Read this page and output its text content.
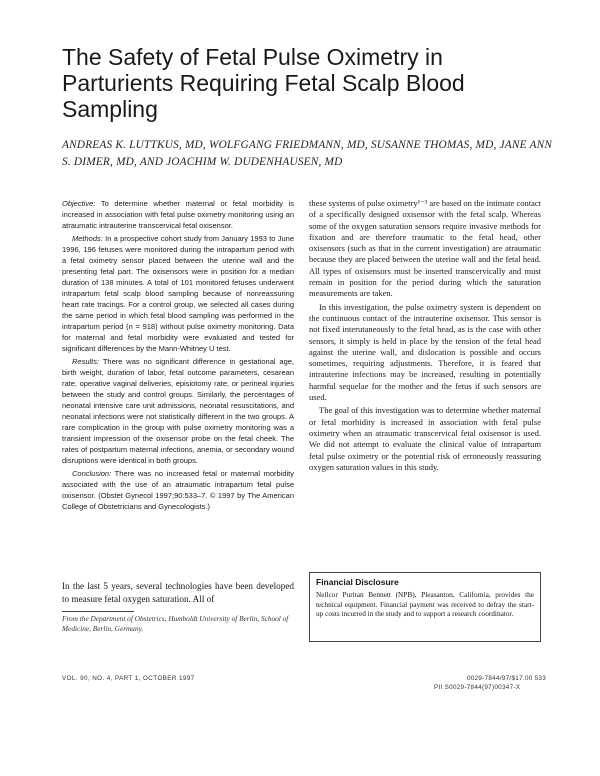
The Safety of Fetal Pulse Oximetry in Parturients Requiring Fetal Scalp Blood Sampling

ANDREAS K. LUTTKUS, MD, WOLFGANG FRIEDMANN, MD, SUSANNE THOMAS, MD, JANE ANN S. DIMER, MD, AND JOACHIM W. DUDENHAUSEN, MD

Objective: To determine whether maternal or fetal morbidity is increased in association with fetal pulse oximetry monitoring using an atraumatic intrauterine transcervical fetal oxisensor.

Methods: In a prospective cohort study from January 1993 to June 1996, 196 fetuses were monitored during the intrapartum period with a fetal oximetry sensor placed between the uterine wall and the presenting fetal part. The oxisensors were in position for a median duration of 138 minutes. A total of 101 monitored fetuses underwent intrapartum fetal scalp blood sampling because of nonreassuring heart rate tracings. For a control group, we selected all cases during the same period in which fetal blood sampling was performed in the intrapartum period (n = 918) without pulse oximetry monitoring. Data for maternal and fetal morbidity were evaluated and tested for significant differences by the Mann-Whitney U test.

Results: There was no significant difference in gestational age, birth weight, duration of labor, fetal outcome parameters, cesarean rate, operative vaginal deliveries, episiotomy rate, or perineal injuries between the study and control groups. Similarly, the percentages of neonatal intensive care unit admissions, neonatal resuscitations, and neonatal infections were not statistically different in the two groups. A rare complication in the group with pulse oximetry monitoring was a transient impression of the oxisensor probe on the fetal cheek. The rates of postpartum maternal infections, anemia, or secondary wound disruptions were identical in both groups.

Conclusion: There was no increased fetal or maternal morbidity associated with the use of an atraumatic intrapartum fetal pulse oxisensor. (Obstet Gynecol 1997;90:533–7. © 1997 by The American College of Obstetricians and Gynecologists.)

these systems of pulse oximetry¹⁻³ are based on the intimate contact of a specifically designed oxisensor with the fetal scalp. Whereas some of the oxygen saturation sensors require invasive methods for fixation and are therefore traumatic to the fetal head, other oxisensors (such as that in the current investigation) are atraumatic because they are placed between the uterine wall and the fetal head. All types of oxisensors must be inserted transcervically and must remain in position for the period during which the saturation measurements are taken.

In this investigation, the pulse oximetry system is dependent on the continuous contact of the intrauterine oxisensor. This sensor is not fixed interutaneously to the fetal head, as is the case with other sensors, it simply is held in place by the tension of the fetal head against the uterine wall, and dislocation is possible and occurs sometimes, requiring adjustments. Therefore, it is feared that intrauterine infections may be increased, resulting in potentially harmful sequelae for the mother and the fetus if such sensors are used.

The goal of this investigation was to determine whether maternal or fetal morbidity is increased in association with fetal pulse oximetry when an atraumatic transcervical fetal oxisensor is used. We did not attempt to evaluate the clinical value of intrapartum fetal pulse oximetry or the potential risk of erroneously reassuring oxygen saturation values in this study.

In the last 5 years, several technologies have been developed to measure fetal oxygen saturation. All of

From the Department of Obstetrics, Humboldt University of Berlin, School of Medicine, Berlin, Germany.

Financial Disclosure

Nellcor Puritan Bennett (NPB), Pleasanton, California, provides the technical equipment. Financial payment was received to defray the start-up costs incurred in the study and to support a research coordinator.

VOL. 90, NO. 4, PART 1, OCTOBER 1997	0029-7844/97/$17.00 533
PII S0029-7844(97)00347-X
